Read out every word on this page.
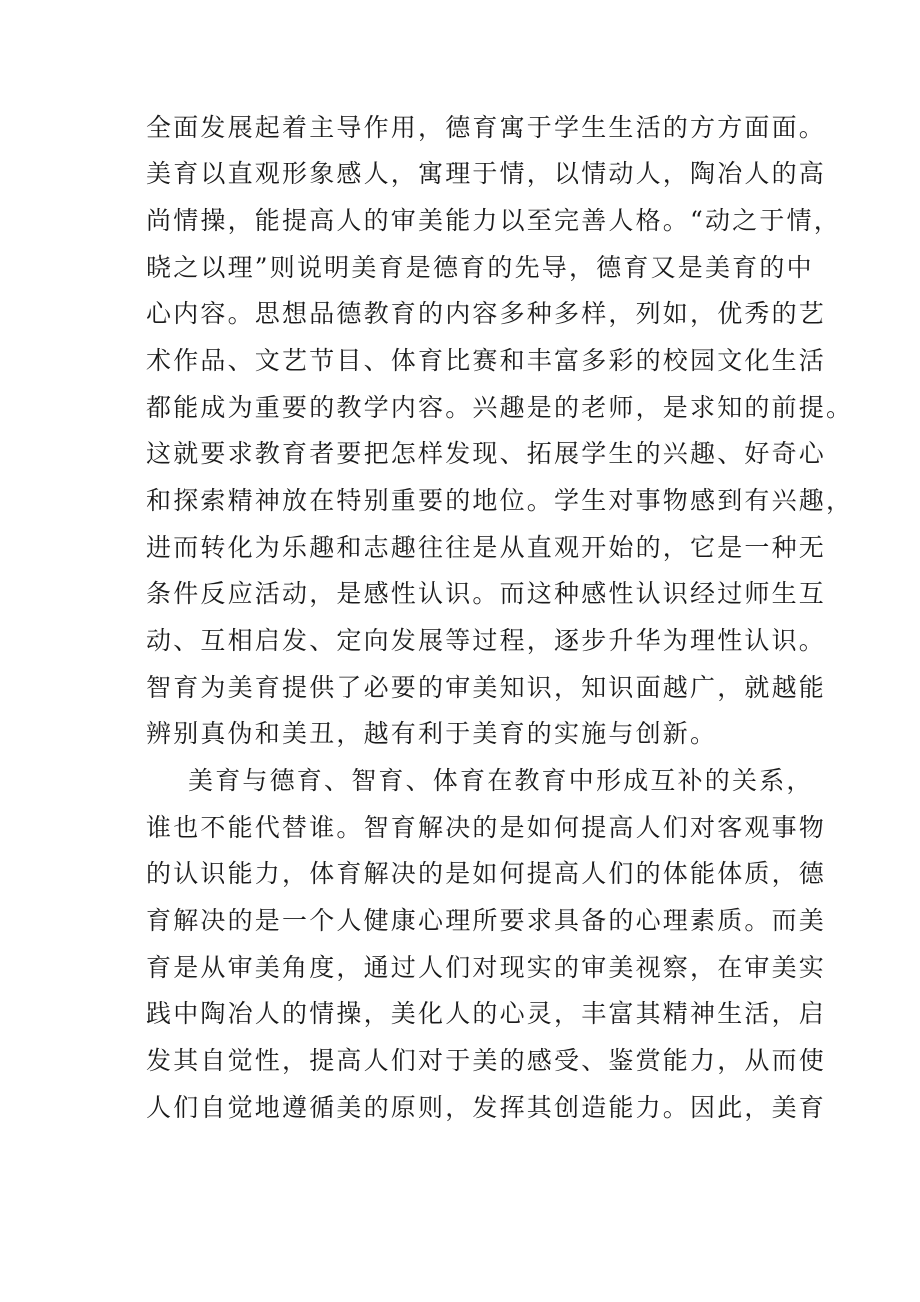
全面发展起着主导作用，德育寓于学生生活的方方面面。
美育以直观形象感人，寓理于情，以情动人，陶冶人的高
尚情操，能提高人的审美能力以至完善人格。“动之于情，
晓之以理”则说明美育是德育的先导，德育又是美育的中
心内容。思想品德教育的内容多种多样，列如，优秀的艺
术作品、文艺节目、体育比赛和丰富多彩的校园文化生活
都能成为重要的教学内容。兴趣是的老师，是求知的前提。
这就要求教育者要把怎样发现、拓展学生的兴趣、好奇心
和探索精神放在特别重要的地位。学生对事物感到有兴趣，
进而转化为乐趣和志趣往往是从直观开始的，它是一种无
条件反应活动，是感性认识。而这种感性认识经过师生互
动、互相启发、定向发展等过程，逐步升华为理性认识。
智育为美育提供了必要的审美知识，知识面越广，就越能
辨别真伪和美丑，越有利于美育的实施与创新。
美育与德育、智育、体育在教育中形成互补的关系，
谁也不能代替谁。智育解决的是如何提高人们对客观事物
的认识能力，体育解决的是如何提高人们的体能体质，德
育解决的是一个人健康心理所要求具备的心理素质。而美
育是从审美角度，通过人们对现实的审美视察，在审美实
践中陶冶人的情操，美化人的心灵，丰富其精神生活，启
发其自觉性，提高人们对于美的感受、鉴赏能力，从而使
人们自觉地遵循美的原则，发挥其创造能力。因此，美育
